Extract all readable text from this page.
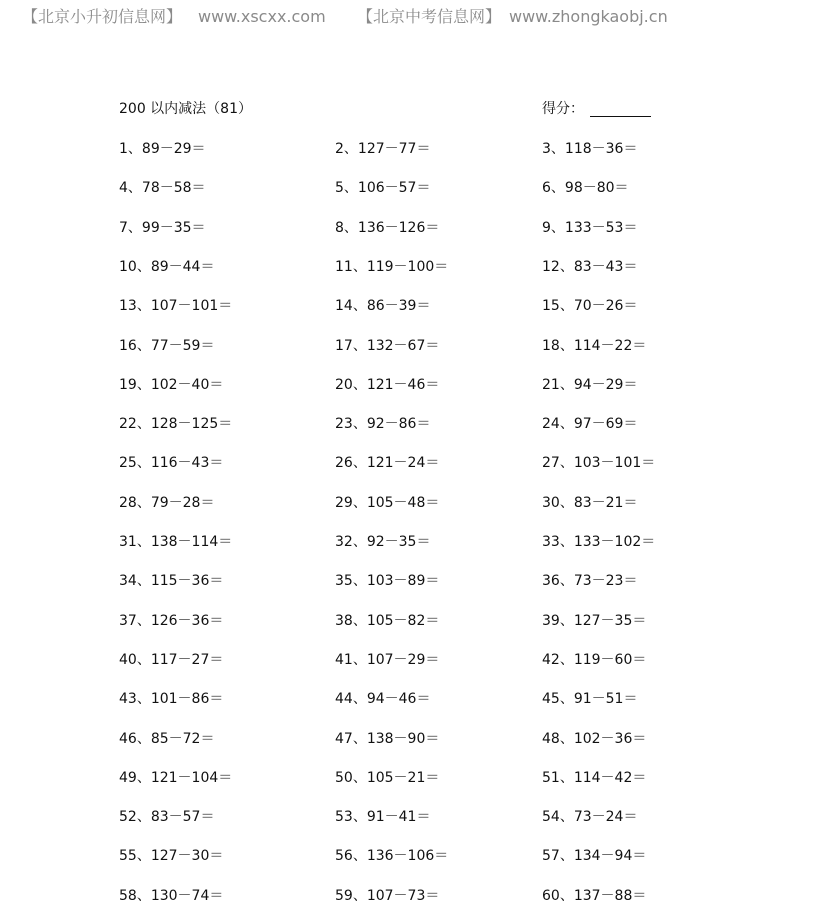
【北京小升初信息网】 www.xscxx.com 【北京中考信息网】 www.zhongkaobj.cn
200 以内减法（81）	得分：
1、89－29＝	2、127－77＝	3、118－36＝
4、78－58＝	5、106－57＝	6、98－80＝
7、99－35＝	8、136－126＝	9、133－53＝
10、89－44＝	11、119－100＝	12、83－43＝
13、107－101＝	14、86－39＝	15、70－26＝
16、77－59＝	17、132－67＝	18、114－22＝
19、102－40＝	20、121－46＝	21、94－29＝
22、128－125＝	23、92－86＝	24、97－69＝
25、116－43＝	26、121－24＝	27、103－101＝
28、79－28＝	29、105－48＝	30、83－21＝
31、138－114＝	32、92－35＝	33、133－102＝
34、115－36＝	35、103－89＝	36、73－23＝
37、126－36＝	38、105－82＝	39、127－35＝
40、117－27＝	41、107－29＝	42、119－60＝
43、101－86＝	44、94－46＝	45、91－51＝
46、85－72＝	47、138－90＝	48、102－36＝
49、121－104＝	50、105－21＝	51、114－42＝
52、83－57＝	53、91－41＝	54、73－24＝
55、127－30＝	56、136－106＝	57、134－94＝
58、130－74＝	59、107－73＝	60、137－88＝
